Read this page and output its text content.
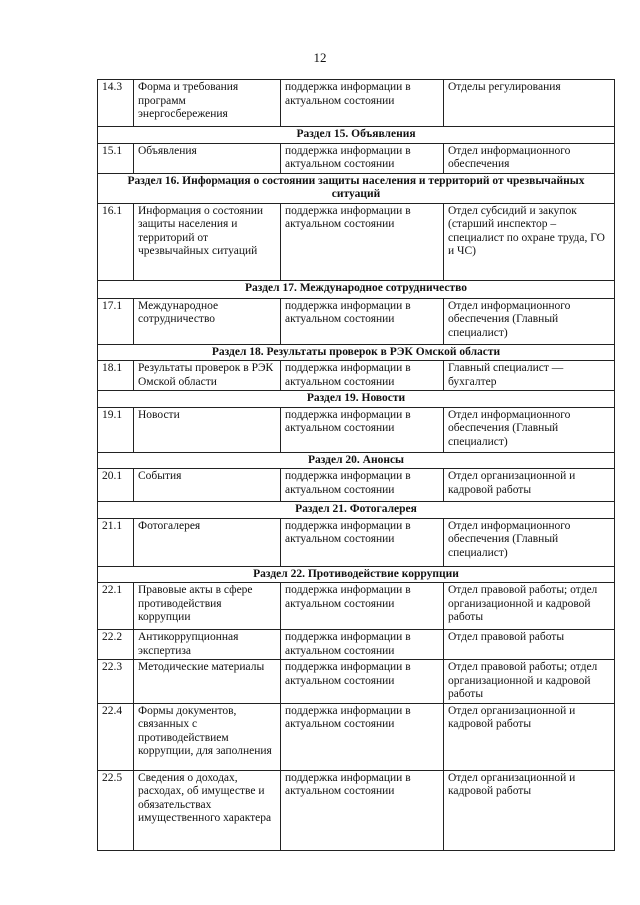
12
14.3	Форма и требования программ энергосбережения	поддержка информации в актуальном состоянии	Отделы регулирования
Раздел 15. Объявления			
15.1	Объявления	поддержка информации в актуальном состоянии	Отдел информационного обеспечения
Раздел 16. Информация о состоянии защиты населения и территорий от чрезвычайных ситуаций			
16.1	Информация о состоянии защиты населения и территорий от чрезвычайных ситуаций	поддержка информации в актуальном состоянии	Отдел субсидий и закупок (старший инспектор – специалист по охране труда, ГО и ЧС)
Раздел 17. Международное сотрудничество			
17.1	Международное сотрудничество	поддержка информации в актуальном состоянии	Отдел информационного обеспечения (Главный специалист)
Раздел 18. Результаты проверок в РЭК Омской области			
18.1	Результаты проверок в РЭК Омской области	поддержка информации в актуальном состоянии	Главный специалист — бухгалтер
Раздел 19. Новости			
19.1	Новости	поддержка информации в актуальном состоянии	Отдел информационного обеспечения (Главный специалист)
Раздел 20. Анонсы			
20.1	События	поддержка информации в актуальном состоянии	Отдел организационной и кадровой работы
Раздел 21. Фотогалерея			
21.1	Фотогалерея	поддержка информации в актуальном состоянии	Отдел информационного обеспечения (Главный специалист)
Раздел 22. Противодействие коррупции			
22.1	Правовые акты в сфере противодействия коррупции	поддержка информации в актуальном состоянии	Отдел правовой работы; отдел организационной и кадровой работы
22.2	Антикоррупционная экспертиза	поддержка информации в актуальном состоянии	Отдел правовой работы
22.3	Методические материалы	поддержка информации в актуальном состоянии	Отдел правовой работы; отдел организационной и кадровой работы
22.4	Формы документов, связанных с противодействием коррупции, для заполнения	поддержка информации в актуальном состоянии	Отдел организационной и кадровой работы
22.5	Сведения о доходах, расходах, об имуществе и обязательствах имущественного характера	поддержка информации в актуальном состоянии	Отдел организационной и кадровой работы
